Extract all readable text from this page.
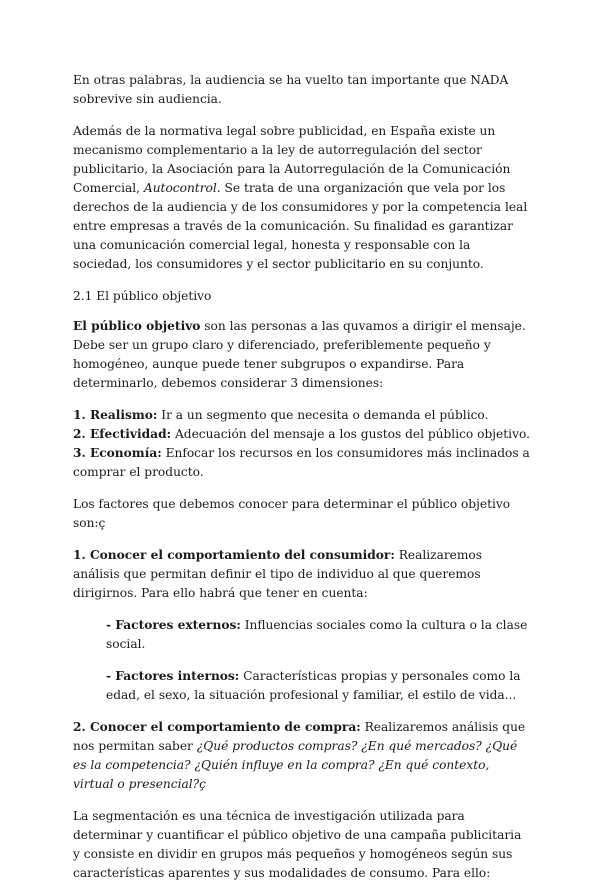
En otras palabras, la audiencia se ha vuelto tan importante que NADA sobrevive sin audiencia.

Además de la normativa legal sobre publicidad, en España existe un mecanismo complementario a la ley de autorregulación del sector publicitario, la Asociación para la Autorregulación de la Comunicación Comercial, Autocontrol. Se trata de una organización que vela por los derechos de la audiencia y de los consumidores y por la competencia leal entre empresas a través de la comunicación. Su finalidad es garantizar una comunicación comercial legal, honesta y responsable con la sociedad, los consumidores y el sector publicitario en su conjunto.

2.1 El público objetivo

El público objetivo son las personas a las quvamos a dirigir el mensaje. Debe ser un grupo claro y diferenciado, preferiblemente pequeño y homogéneo, aunque puede tener subgrupos o expandirse. Para determinarlo, debemos considerar 3 dimensiones:

1. Realismo: Ir a un segmento que necesita o demanda el público.

2. Efectividad: Adecuación del mensaje a los gustos del público objetivo.

3. Economía: Enfocar los recursos en los consumidores más inclinados a comprar el producto.

Los factores que debemos conocer para determinar el público objetivo son:ç

1. Conocer el comportamiento del consumidor: Realizaremos análisis que permitan definir el tipo de individuo al que queremos dirigirnos. Para ello habrá que tener en cuenta:

- Factores externos: Influencias sociales como la cultura o la clase social.

- Factores internos: Características propias y personales como la edad, el sexo, la situación profesional y familiar, el estilo de vida...

2. Conocer el comportamiento de compra: Realizaremos análisis que nos permitan saber ¿Qué productos compras? ¿En qué mercados? ¿Qué es la competencia? ¿Quién influye en la compra? ¿En qué contexto, virtual o presencial?ç

La segmentación es una técnica de investigación utilizada para determinar y cuantificar el público objetivo de una campaña publicitaria y consiste en dividir en grupos más pequeños y homogéneos según sus características aparentes y sus modalidades de consumo. Para ello:
